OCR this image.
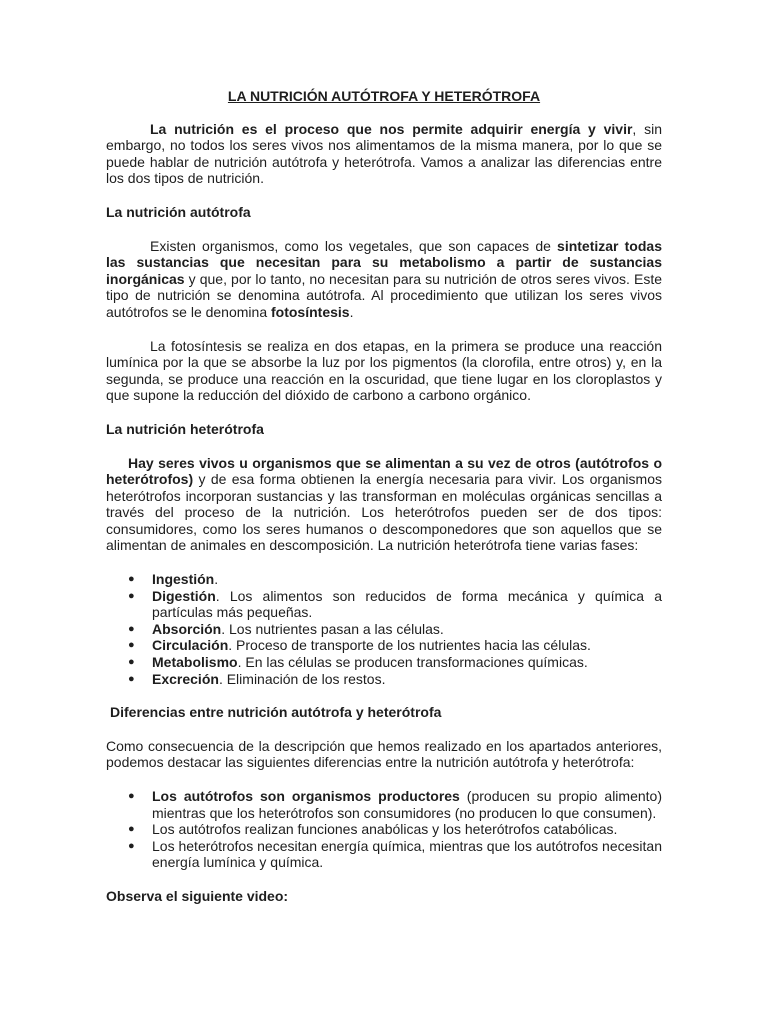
LA NUTRICIÓN AUTÓTROFA Y HETERÓTROFA

La nutrición es el proceso que nos permite adquirir energía y vivir, sin embargo, no todos los seres vivos nos alimentamos de la misma manera, por lo que se puede hablar de nutrición autótrofa y heterótrofa. Vamos a analizar las diferencias entre los dos tipos de nutrición.

La nutrición autótrofa

Existen organismos, como los vegetales, que son capaces de sintetizar todas las sustancias que necesitan para su metabolismo a partir de sustancias inorgánicas y que, por lo tanto, no necesitan para su nutrición de otros seres vivos. Este tipo de nutrición se denomina autótrofa. Al procedimiento que utilizan los seres vivos autótrofos se le denomina fotosíntesis.

La fotosíntesis se realiza en dos etapas, en la primera se produce una reacción lumínica por la que se absorbe la luz por los pigmentos (la clorofila, entre otros) y, en la segunda, se produce una reacción en la oscuridad, que tiene lugar en los cloroplastos y que supone la reducción del dióxido de carbono a carbono orgánico.

La nutrición heterótrofa

Hay seres vivos u organismos que se alimentan a su vez de otros (autótrofos o heterótrofos) y de esa forma obtienen la energía necesaria para vivir. Los organismos heterótrofos incorporan sustancias y las transforman en moléculas orgánicas sencillas a través del proceso de la nutrición. Los heterótrofos pueden ser de dos tipos: consumidores, como los seres humanos o descomponedores que son aquellos que se alimentan de animales en descomposición. La nutrición heterótrofa tiene varias fases:

● Ingestión.
● Digestión. Los alimentos son reducidos de forma mecánica y química a partículas más pequeñas.
● Absorción. Los nutrientes pasan a las células.
● Circulación. Proceso de transporte de los nutrientes hacia las células.
● Metabolismo. En las células se producen transformaciones químicas.
● Excreción. Eliminación de los restos.
Diferencias entre nutrición autótrofa y heterótrofa

Como consecuencia de la descripción que hemos realizado en los apartados anteriores, podemos destacar las siguientes diferencias entre la nutrición autótrofa y heterótrofa:

● Los autótrofos son organismos productores (producen su propio alimento) mientras que los heterótrofos son consumidores (no producen lo que consumen).
● Los autótrofos realizan funciones anabólicas y los heterótrofos catabólicas.
● Los heterótrofos necesitan energía química, mientras que los autótrofos necesitan energía lumínica y química.
Observa el siguiente video:
